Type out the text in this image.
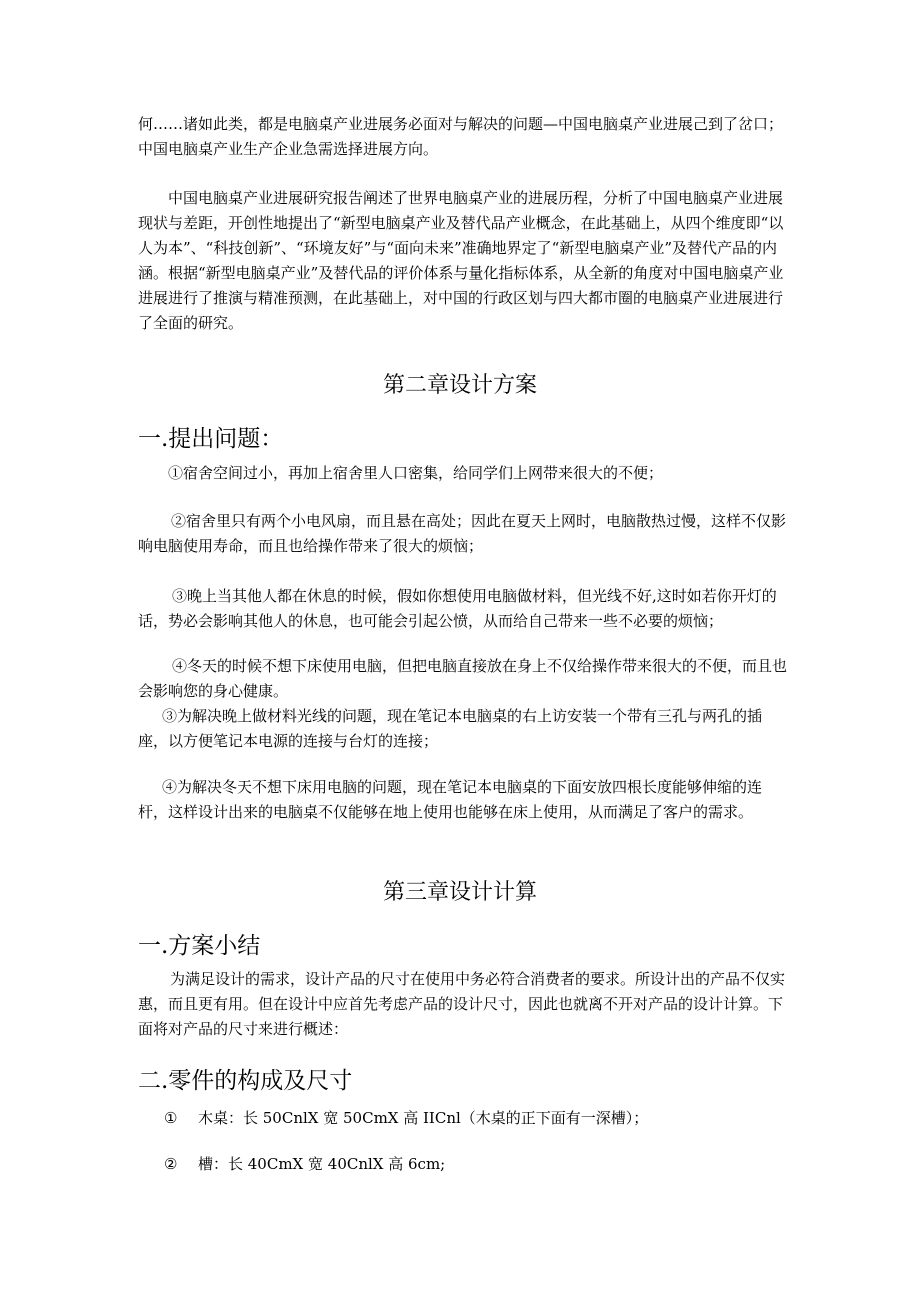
何……诸如此类，都是电脑桌产业进展务必面对与解决的问题—中国电脑桌产业进展己到了岔口；中国电脑桌产业生产企业急需选择进展方向。

中国电脑桌产业进展研究报告阐述了世界电脑桌产业的进展历程，分析了中国电脑桌产业进展现状与差距，开创性地提出了“新型电脑桌产业及替代品产业概念，在此基础上，从四个维度即“以人为本”、“科技创新”、“环境友好”与“面向未来”准确地界定了“新型电脑桌产业”及替代产品的内涵。根据“新型电脑桌产业”及替代品的评价体系与量化指标体系，从全新的角度对中国电脑桌产业进展进行了推演与精准预测，在此基础上，对中国的行政区划与四大都市圈的电脑桌产业进展进行了全面的研究。

第二章设计方案
一.提出问题：

①宿舍空间过小，再加上宿舍里人口密集，给同学们上网带来很大的不便；

②宿舍里只有两个小电风扇，而且悬在高处；因此在夏天上网时，电脑散热过慢，这样不仅影响电脑使用寿命，而且也给操作带来了很大的烦恼；

③晚上当其他人都在休息的时候，假如你想使用电脑做材料，但光线不好,这时如若你开灯的话，势必会影响其他人的休息，也可能会引起公愤，从而给自己带来一些不必要的烦恼；

④冬天的时候不想下床使用电脑，但把电脑直接放在身上不仅给操作带来很大的不便，而且也会影响您的身心健康。

③为解决晚上做材料光线的问题，现在笔记本电脑桌的右上访安装一个带有三孔与两孔的插座，以方便笔记本电源的连接与台灯的连接；

④为解决冬天不想下床用电脑的问题，现在笔记本电脑桌的下面安放四根长度能够伸缩的连杆，这样设计出来的电脑桌不仅能够在地上使用也能够在床上使用，从而满足了客户的需求。

第三章设计计算
一.方案小结

为满足设计的需求，设计产品的尺寸在使用中务必符合消费者的要求。所设计出的产品不仅实惠，而且更有用。但在设计中应首先考虑产品的设计尺寸，因此也就离不开对产品的设计计算。下面将对产品的尺寸来进行概述：

二.零件的构成及尺寸

① 木桌：长 50CnlX 宽 50CmX 高 IICnl（木桌的正下面有一深槽）；

② 槽：长 40CmX 宽 40CnlX 高 6cm;
